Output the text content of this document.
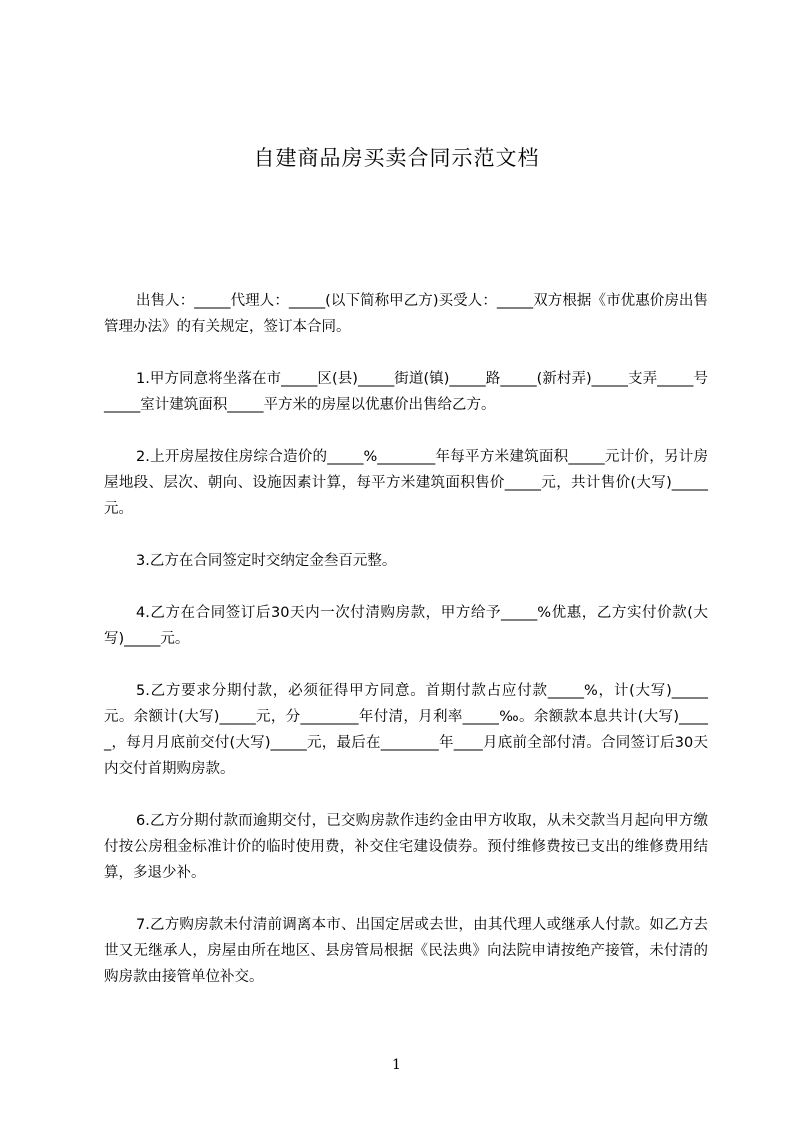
自建商品房买卖合同示范文档

出售人：_____代理人：_____(以下简称甲乙方)买受人：_____双方根据《市优惠价房出售管理办法》的有关规定，签订本合同。

1.甲方同意将坐落在市_____区(县)_____街道(镇)_____路_____(新村弄)_____支弄_____号_____室计建筑面积_____平方米的房屋以优惠价出售给乙方。

2.上开房屋按住房综合造价的_____%________年每平方米建筑面积_____元计价，另计房屋地段、层次、朝向、设施因素计算，每平方米建筑面积售价_____元，共计售价(大写)_____元。

3.乙方在合同签定时交纳定金叁百元整。

4.乙方在合同签订后30天内一次付清购房款，甲方给予_____%优惠，乙方实付价款(大写)_____元。

5.乙方要求分期付款，必须征得甲方同意。首期付款占应付款_____%，计(大写)_____元。余额计(大写)_____元，分________年付清，月利率_____‰。余额款本息共计(大写)_____，每月月底前交付(大写)_____元，最后在________年____月底前全部付清。合同签订后30天内交付首期购房款。

6.乙方分期付款而逾期交付，已交购房款作违约金由甲方收取，从未交款当月起向甲方缴付按公房租金标准计价的临时使用费，补交住宅建设债券。预付维修费按已支出的维修费用结算，多退少补。

7.乙方购房款未付清前调离本市、出国定居或去世，由其代理人或继承人付款。如乙方去世又无继承人，房屋由所在地区、县房管局根据《民法典》向法院申请按绝产接管，未付清的购房款由接管单位补交。

1
